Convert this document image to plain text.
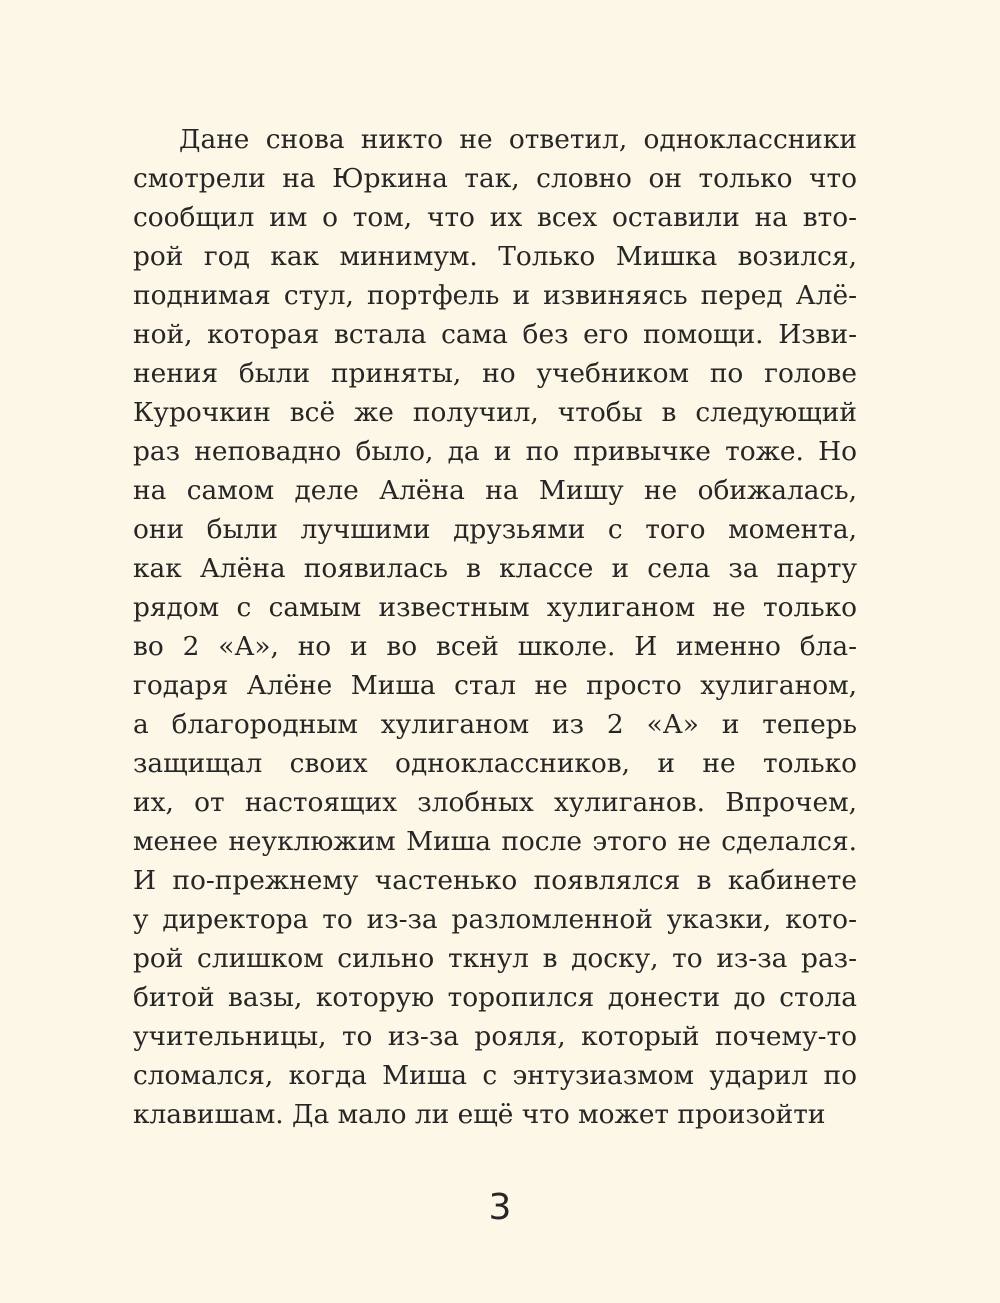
Дане снова никто не ответил, одноклассники
смотрели на Юркина так, словно он только что
сообщил им о том, что их всех оставили на вто-
рой год как минимум. Только Мишка возился,
поднимая стул, портфель и извиняясь перед Алё-
ной, которая встала сама без его помощи. Изви-
нения были приняты, но учебником по голове
Курочкин всё же получил, чтобы в следующий
раз неповадно было, да и по привычке тоже. Но
на самом деле Алёна на Мишу не обижалась,
они были лучшими друзьями с того момента,
как Алёна появилась в классе и села за парту
рядом с самым известным хулиганом не только
во 2 «А», но и во всей школе. И именно бла-
годаря Алёне Миша стал не просто хулиганом,
а благородным хулиганом из 2 «А» и теперь
защищал своих одноклассников, и не только
их, от настоящих злобных хулиганов. Впрочем,
менее неуклюжим Миша после этого не сделался.
И по-прежнему частенько появлялся в кабинете
у директора то из-за разломленной указки, кото-
рой слишком сильно ткнул в доску, то из-за раз-
битой вазы, которую торопился донести до стола
учительницы, то из-за рояля, который почему-то
сломался, когда Миша с энтузиазмом ударил по
клавишам. Да мало ли ещё что может произойти
3
